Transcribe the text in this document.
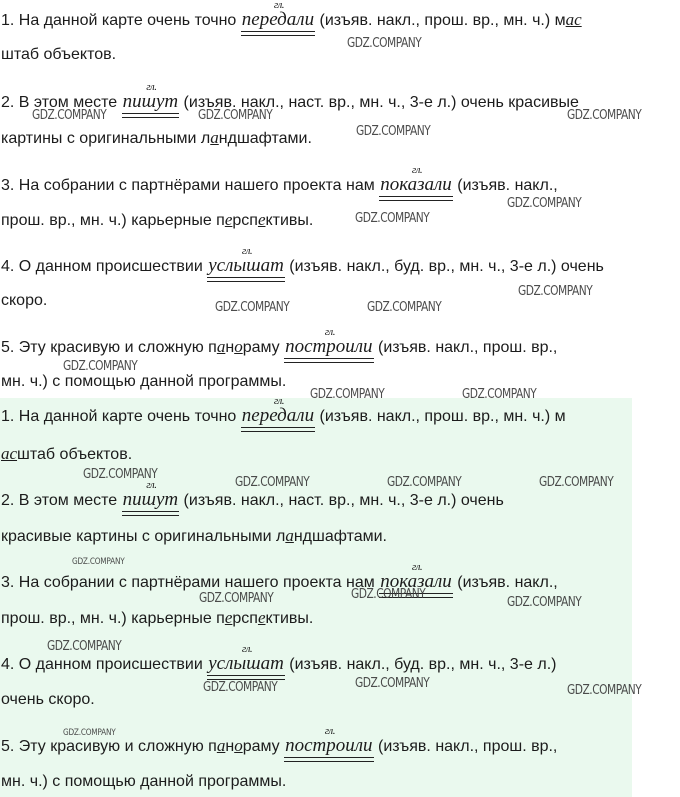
1. На данной карте очень точно
гл.
передали
(изъяв. накл., прош. вр., мн. ч.) мас
штаб объектов.
2. В этом месте
гл.
пишут
(изъяв. накл., наст. вр., мн. ч., 3-е л.) очень красивые
картины с оригинальными ландшафтами.
3. На собрании с партнёрами нашего проекта нам
гл.
показали
(изъяв. накл.,
прош. вр., мн. ч.) карьерные перспективы.
4. О данном происшествии
гл.
услышат
(изъяв. накл., буд. вр., мн. ч., 3-е л.) очень
скоро.
5. Эту красивую и сложную панораму
гл.
построили
(изъяв. накл., прош. вр.,
мн. ч.) с помощью данной программы.
1. На данной карте очень точно
гл.
передали
(изъяв. накл., прош. вр., мн. ч.) м
асштаб объектов.
2. В этом месте
гл.
пишут
(изъяв. накл., наст. вр., мн. ч., 3-е л.) очень
красивые картины с оригинальными ландшафтами.
3. На собрании с партнёрами нашего проекта нам
гл.
показали
(изъяв. накл.,
прош. вр., мн. ч.) карьерные перспективы.
4. О данном происшествии
гл.
услышат
(изъяв. накл., буд. вр., мн. ч., 3-е л.)
очень скоро.
5. Эту красивую и сложную панораму
гл.
построили
(изъяв. накл., прош. вр.,
мн. ч.) с помощью данной программы.
GDZ.COMPANY
GDZ.COMPANY	GDZ.COMPANY	GDZ.COMPANY
GDZ.COMPANY
GDZ.COMPANY
GDZ.COMPANY
GDZ.COMPANY
GDZ.COMPANY	GDZ.COMPANY
GDZ.COMPANY
GDZ.COMPANY	GDZ.COMPANY
GDZ.COMPANY
GDZ.COMPANY	GDZ.COMPANY	GDZ.COMPANY
GDZ.COMPANY
GDZ.COMPANY	GDZ.COMPANY
GDZ.COMPANY
GDZ.COMPANY
GDZ.COMPANY
GDZ.COMPANY	GDZ.COMPANY
GDZ.COMPANY
